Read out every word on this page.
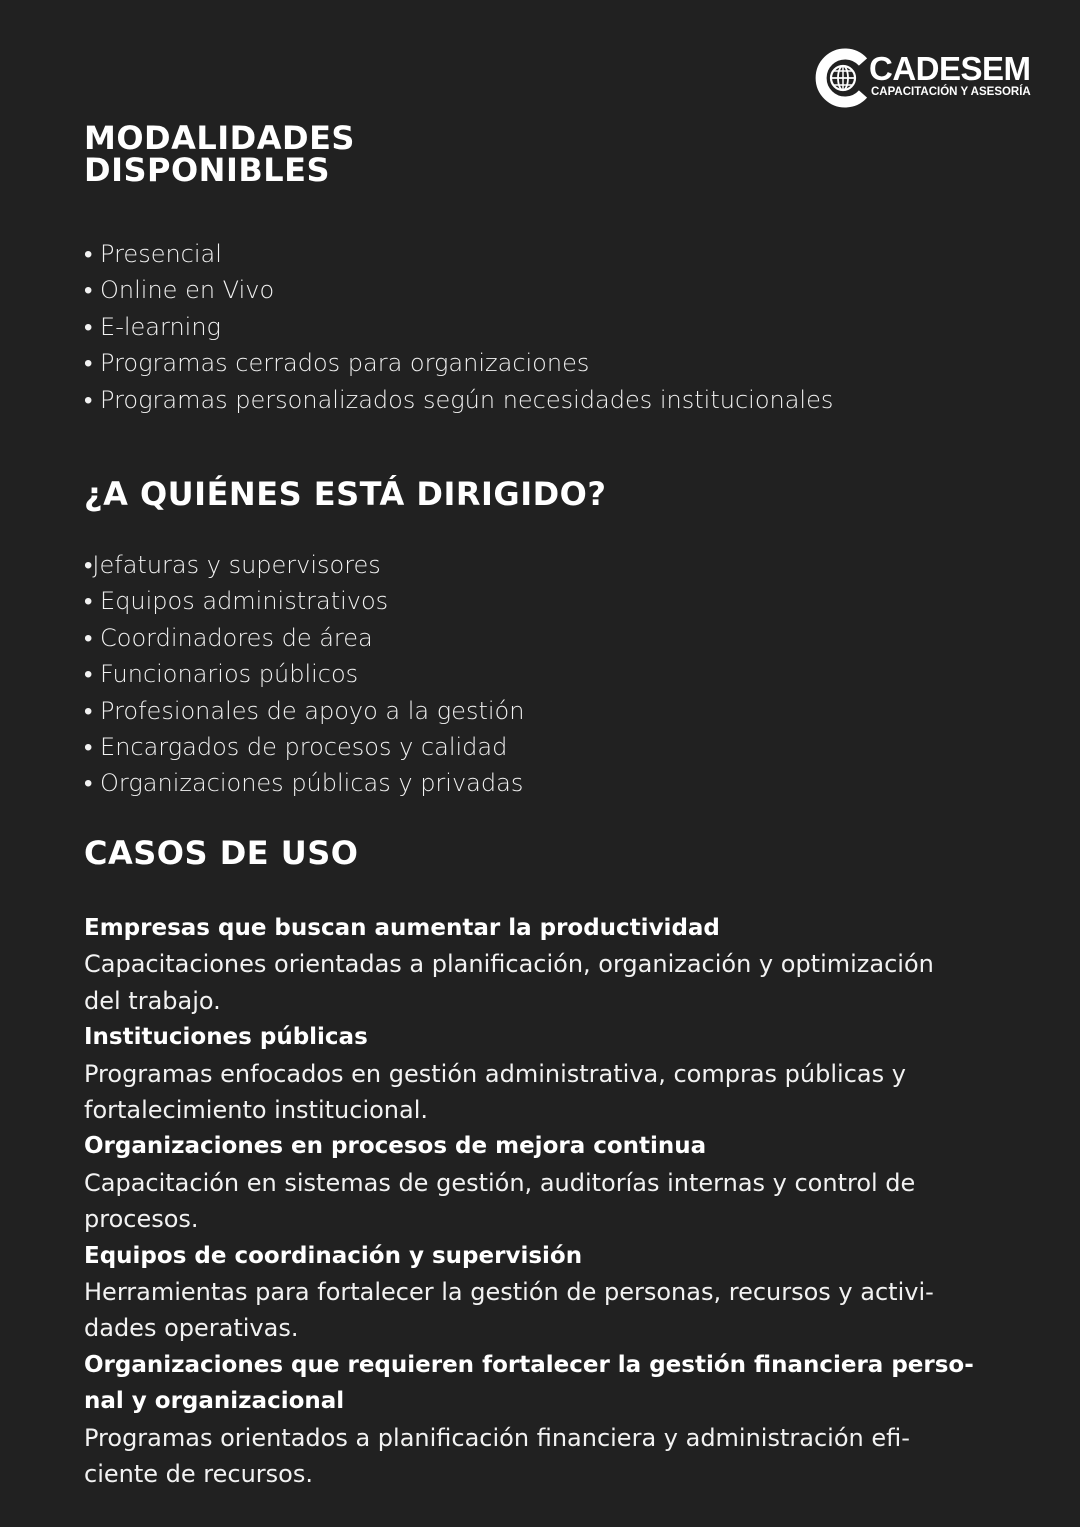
CADESEM
CAPACITACIÓN Y ASESORÍA
MODALIDADES
DISPONIBLES
• Presencial
• Online en Vivo
• E-learning
• Programas cerrados para organizaciones
• Programas personalizados según necesidades institucionales
¿A QUIÉNES ESTÁ DIRIGIDO?
•Jefaturas y supervisores
• Equipos administrativos
• Coordinadores de área
• Funcionarios públicos
• Profesionales de apoyo a la gestión
• Encargados de procesos y calidad
• Organizaciones públicas y privadas
CASOS DE USO
Empresas que buscan aumentar la productividad
Capacitaciones orientadas a planificación, organización y optimización
del trabajo.
Instituciones públicas
Programas enfocados en gestión administrativa, compras públicas y
fortalecimiento institucional.
Organizaciones en procesos de mejora continua
Capacitación en sistemas de gestión, auditorías internas y control de
procesos.
Equipos de coordinación y supervisión
Herramientas para fortalecer la gestión de personas, recursos y activi-
dades operativas.
Organizaciones que requieren fortalecer la gestión financiera perso-
nal y organizacional
Programas orientados a planificación financiera y administración efi-
ciente de recursos.
